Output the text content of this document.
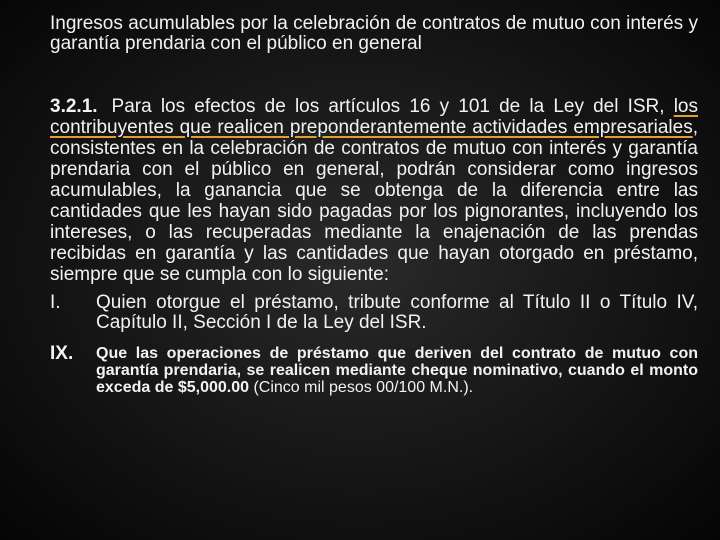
Ingresos acumulables por la celebración de contratos de mutuo con interés y garantía prendaria con el público en general

3.2.1. Para los efectos de los artículos 16 y 101 de la Ley del ISR, los contribuyentes que realicen preponderantemente actividades empresariales, consistentes en la celebración de contratos de mutuo con interés y garantía prendaria con el público en general, podrán considerar como ingresos acumulables, la ganancia que se obtenga de la diferencia entre las cantidades que les hayan sido pagadas por los pignorantes, incluyendo los intereses, o las recuperadas mediante la enajenación de las prendas recibidas en garantía y las cantidades que hayan otorgado en préstamo, siempre que se cumpla con lo siguiente:

I.	Quien otorgue el préstamo, tribute conforme al Título II o Título IV, Capítulo II, Sección I de la Ley del ISR.
IX.	Que las operaciones de préstamo que deriven del contrato de mutuo con garantía prendaria, se realicen mediante cheque nominativo, cuando el monto exceda de $5,000.00 (Cinco mil pesos 00/100 M.N.).
